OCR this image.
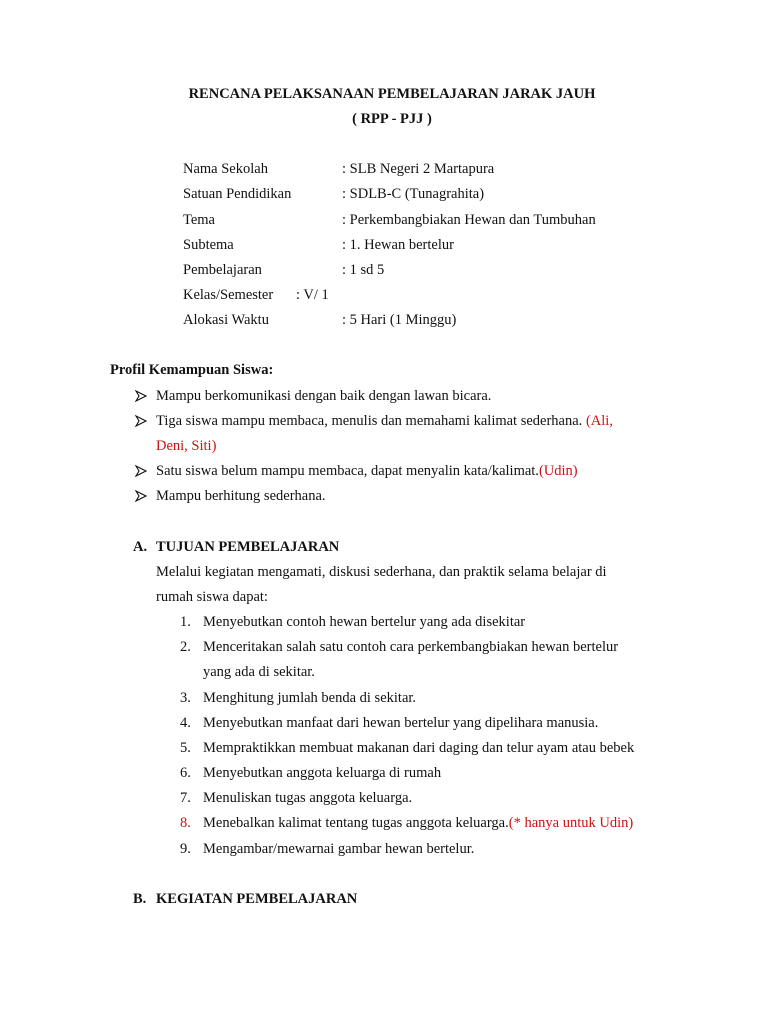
RENCANA PELAKSANAAN PEMBELAJARAN JARAK JAUH
( RPP - PJJ )
Nama Sekolah	: SLB Negeri 2 Martapura
Satuan Pendidikan	: SDLB-C (Tunagrahita)
Tema	: Perkembangbiakan Hewan dan Tumbuhan
Subtema	: 1. Hewan bertelur
Pembelajaran	: 1 sd 5
Kelas/Semester : V/ 1
Alokasi Waktu	: 5 Hari (1 Minggu)
Profil Kemampuan Siswa:
Mampu berkomunikasi dengan baik dengan lawan bicara.
Tiga siswa mampu membaca, menulis dan memahami kalimat sederhana. (Ali,
Deni, Siti)
Satu siswa belum mampu membaca, dapat menyalin kata/kalimat.(Udin)
Mampu berhitung sederhana.
A. TUJUAN PEMBELAJARAN
Melalui kegiatan mengamati, diskusi sederhana, dan praktik selama belajar di
rumah siswa dapat:
1. Menyebutkan contoh hewan bertelur yang ada disekitar
2. Menceritakan salah satu contoh cara perkembangbiakan hewan bertelur
yang ada di sekitar.
3. Menghitung jumlah benda di sekitar.
4. Menyebutkan manfaat dari hewan bertelur yang dipelihara manusia.
5. Mempraktikkan membuat makanan dari daging dan telur ayam atau bebek
6. Menyebutkan anggota keluarga di rumah
7. Menuliskan tugas anggota keluarga.
8. Menebalkan kalimat tentang tugas anggota keluarga.(* hanya untuk Udin)
9. Mengambar/mewarnai gambar hewan bertelur.
B. KEGIATAN PEMBELAJARAN
